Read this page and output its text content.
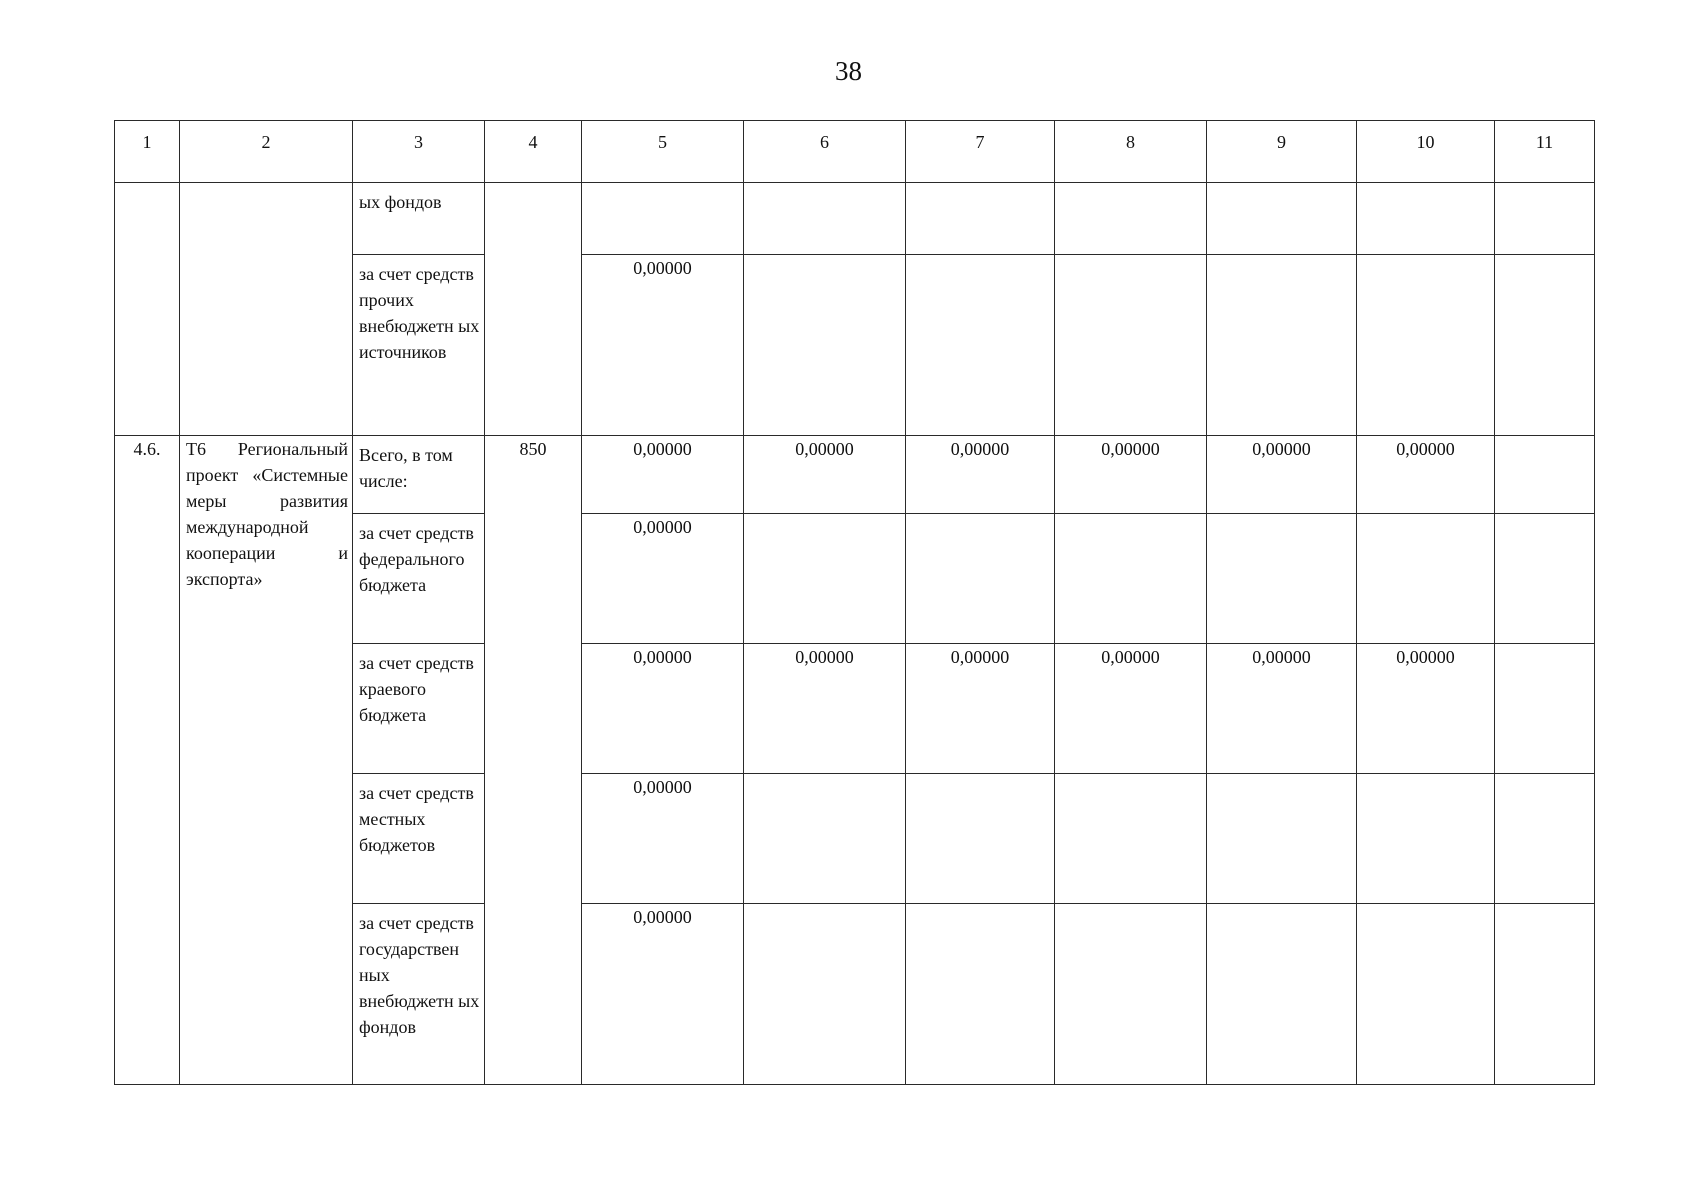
38
1	2	3	4	5	6	7	8	9	10	11
		ых фондов								
		за счет средств прочих внебюджетн ых источников		0,00000						
4.6.	Т6 Региональный проект «Системные меры развития международной кооперации и экспорта»	Всего, в том числе:	850	0,00000	0,00000	0,00000	0,00000	0,00000	0,00000	
		за счет средств федерального бюджета		0,00000						
		за счет средств краевого бюджета		0,00000	0,00000	0,00000	0,00000	0,00000	0,00000	
		за счет средств местных бюджетов		0,00000						
		за счет средств государствен ных внебюджетн ых фондов		0,00000						
